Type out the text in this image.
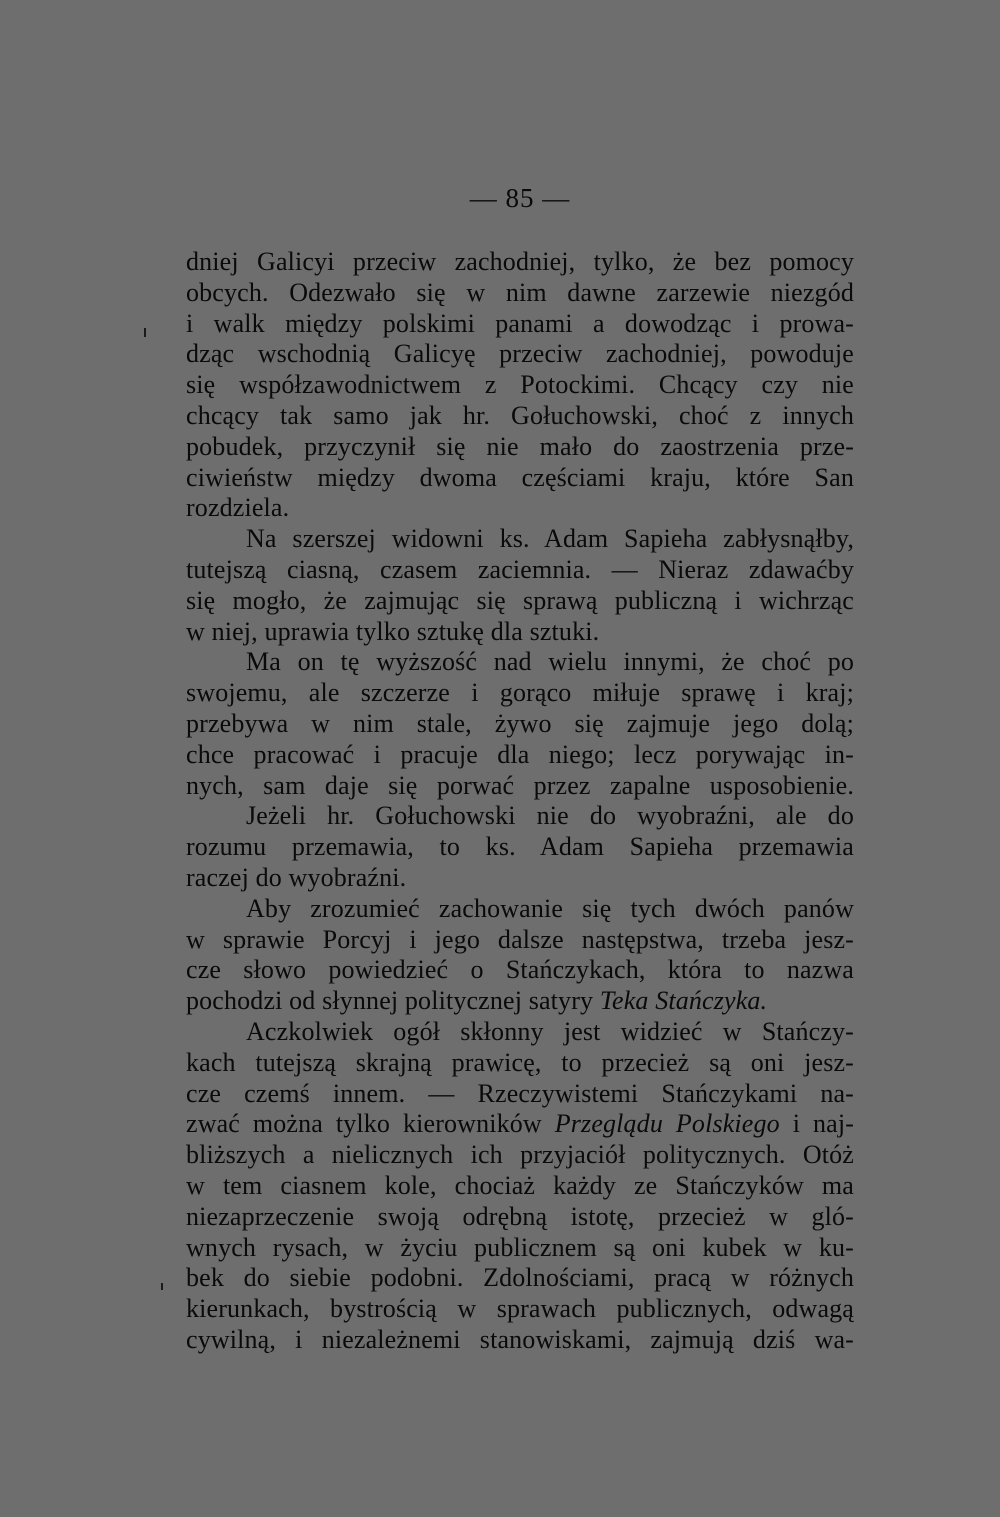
— 85 —
dniej Galicyi przeciw zachodniej, tylko, że bez pomocy
obcych. Odezwało się w nim dawne zarzewie niezgód
i walk między polskimi panami a dowodząc i prowa-
dząc wschodnią Galicyę przeciw zachodniej, powoduje
się współzawodnictwem z Potockimi. Chcący czy nie
chcący tak samo jak hr. Gołuchowski, choć z innych
pobudek, przyczynił się nie mało do zaostrzenia prze-
ciwieństw między dwoma częściami kraju, które San
rozdziela.
Na szerszej widowni ks. Adam Sapieha zabłysnąłby,
tutejszą ciasną, czasem zaciemnia. — Nieraz zdawaćby
się mogło, że zajmując się sprawą publiczną i wichrząc
w niej, uprawia tylko sztukę dla sztuki.
Ma on tę wyższość nad wielu innymi, że choć po
swojemu, ale szczerze i gorąco miłuje sprawę i kraj;
przebywa w nim stale, żywo się zajmuje jego dolą;
chce pracować i pracuje dla niego; lecz porywając in-
nych, sam daje się porwać przez zapalne usposobienie.
Jeżeli hr. Gołuchowski nie do wyobraźni, ale do
rozumu przemawia, to ks. Adam Sapieha przemawia
raczej do wyobraźni.
Aby zrozumieć zachowanie się tych dwóch panów
w sprawie Porcyj i jego dalsze następstwa, trzeba jesz-
cze słowo powiedzieć o Stańczykach, która to nazwa
pochodzi od słynnej politycznej satyry Teka Stańczyka.
Aczkolwiek ogół skłonny jest widzieć w Stańczy-
kach tutejszą skrajną prawicę, to przecież są oni jesz-
cze czemś innem. — Rzeczywistemi Stańczykami na-
zwać można tylko kierowników Przeglądu Polskiego i naj-
bliższych a nielicznych ich przyjaciół politycznych. Otóż
w tem ciasnem kole, chociaż każdy ze Stańczyków ma
niezaprzeczenie swoją odrębną istotę, przecież w gló-
wnych rysach, w życiu publicznem są oni kubek w ku-
bek do siebie podobni. Zdolnościami, pracą w różnych
kierunkach, bystrością w sprawach publicznych, odwagą
cywilną, i niezależnemi stanowiskami, zajmują dziś wa-
